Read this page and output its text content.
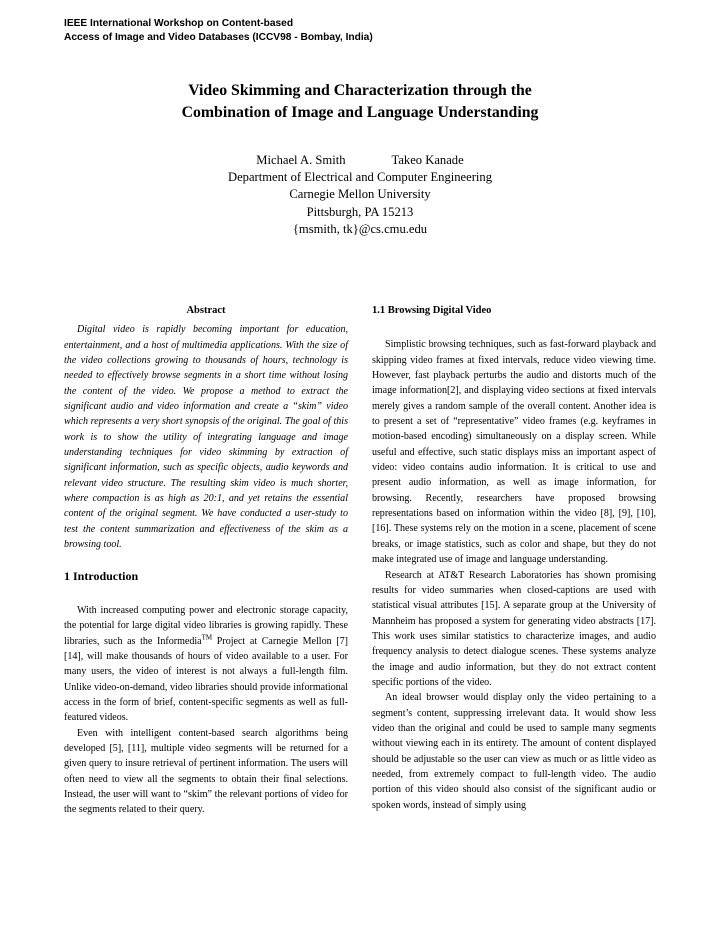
IEEE International Workshop on Content-based
Access of Image and Video Databases (ICCV98 - Bombay, India)
Video Skimming and Characterization through the
Combination of Image and Language Understanding
Michael A. Smith	Takeo Kanade
Department of Electrical and Computer Engineering
Carnegie Mellon University
Pittsburgh, PA 15213
{msmith, tk}@cs.cmu.edu
Abstract

Digital video is rapidly becoming important for education, entertainment, and a host of multimedia applications. With the size of the video collections growing to thousands of hours, technology is needed to effectively browse segments in a short time without losing the content of the video. We propose a method to extract the significant audio and video information and create a “skim” video which represents a very short synopsis of the original. The goal of this work is to show the utility of integrating language and image understanding techniques for video skimming by extraction of significant information, such as specific objects, audio keywords and relevant video structure. The resulting skim video is much shorter, where compaction is as high as 20:1, and yet retains the essential content of the original segment. We have conducted a user-study to test the content summarization and effectiveness of the skim as a browsing tool.

1 Introduction

With increased computing power and electronic storage capacity, the potential for large digital video libraries is growing rapidly. These libraries, such as the Informedia™ Project at Carnegie Mellon [7] [14], will make thousands of hours of video available to a user. For many users, the video of interest is not always a full-length film. Unlike video-on-demand, video libraries should provide informational access in the form of brief, content-specific segments as well as full-featured videos.

Even with intelligent content-based search algorithms being developed [5], [11], multiple video segments will be returned for a given query to insure retrieval of pertinent information. The users will often need to view all the segments to obtain their final selections. Instead, the user will want to “skim” the relevant portions of video for the segments related to their query.

1.1 Browsing Digital Video

Simplistic browsing techniques, such as fast-forward playback and skipping video frames at fixed intervals, reduce video viewing time. However, fast playback perturbs the audio and distorts much of the image information[2], and displaying video sections at fixed intervals merely gives a random sample of the overall content. Another idea is to present a set of “representative” video frames (e.g. keyframes in motion-based encoding) simultaneously on a display screen. While useful and effective, such static displays miss an important aspect of video: video contains audio information. It is critical to use and present audio information, as well as image information, for browsing. Recently, researchers have proposed browsing representations based on information within the video [8], [9], [10], [16]. These systems rely on the motion in a scene, placement of scene breaks, or image statistics, such as color and shape, but they do not make integrated use of image and language understanding.

Research at AT&T Research Laboratories has shown promising results for video summaries when closed-captions are used with statistical visual attributes [15]. A separate group at the University of Mannheim has proposed a system for generating video abstracts [17]. This work uses similar statistics to characterize images, and audio frequency analysis to detect dialogue scenes. These systems analyze the image and audio information, but they do not extract content specific portions of the video.

An ideal browser would display only the video pertaining to a segment’s content, suppressing irrelevant data. It would show less video than the original and could be used to sample many segments without viewing each in its entirety. The amount of content displayed should be adjustable so the user can view as much or as little video as needed, from extremely compact to full-length video. The audio portion of this video should also consist of the significant audio or spoken words, instead of simply using
